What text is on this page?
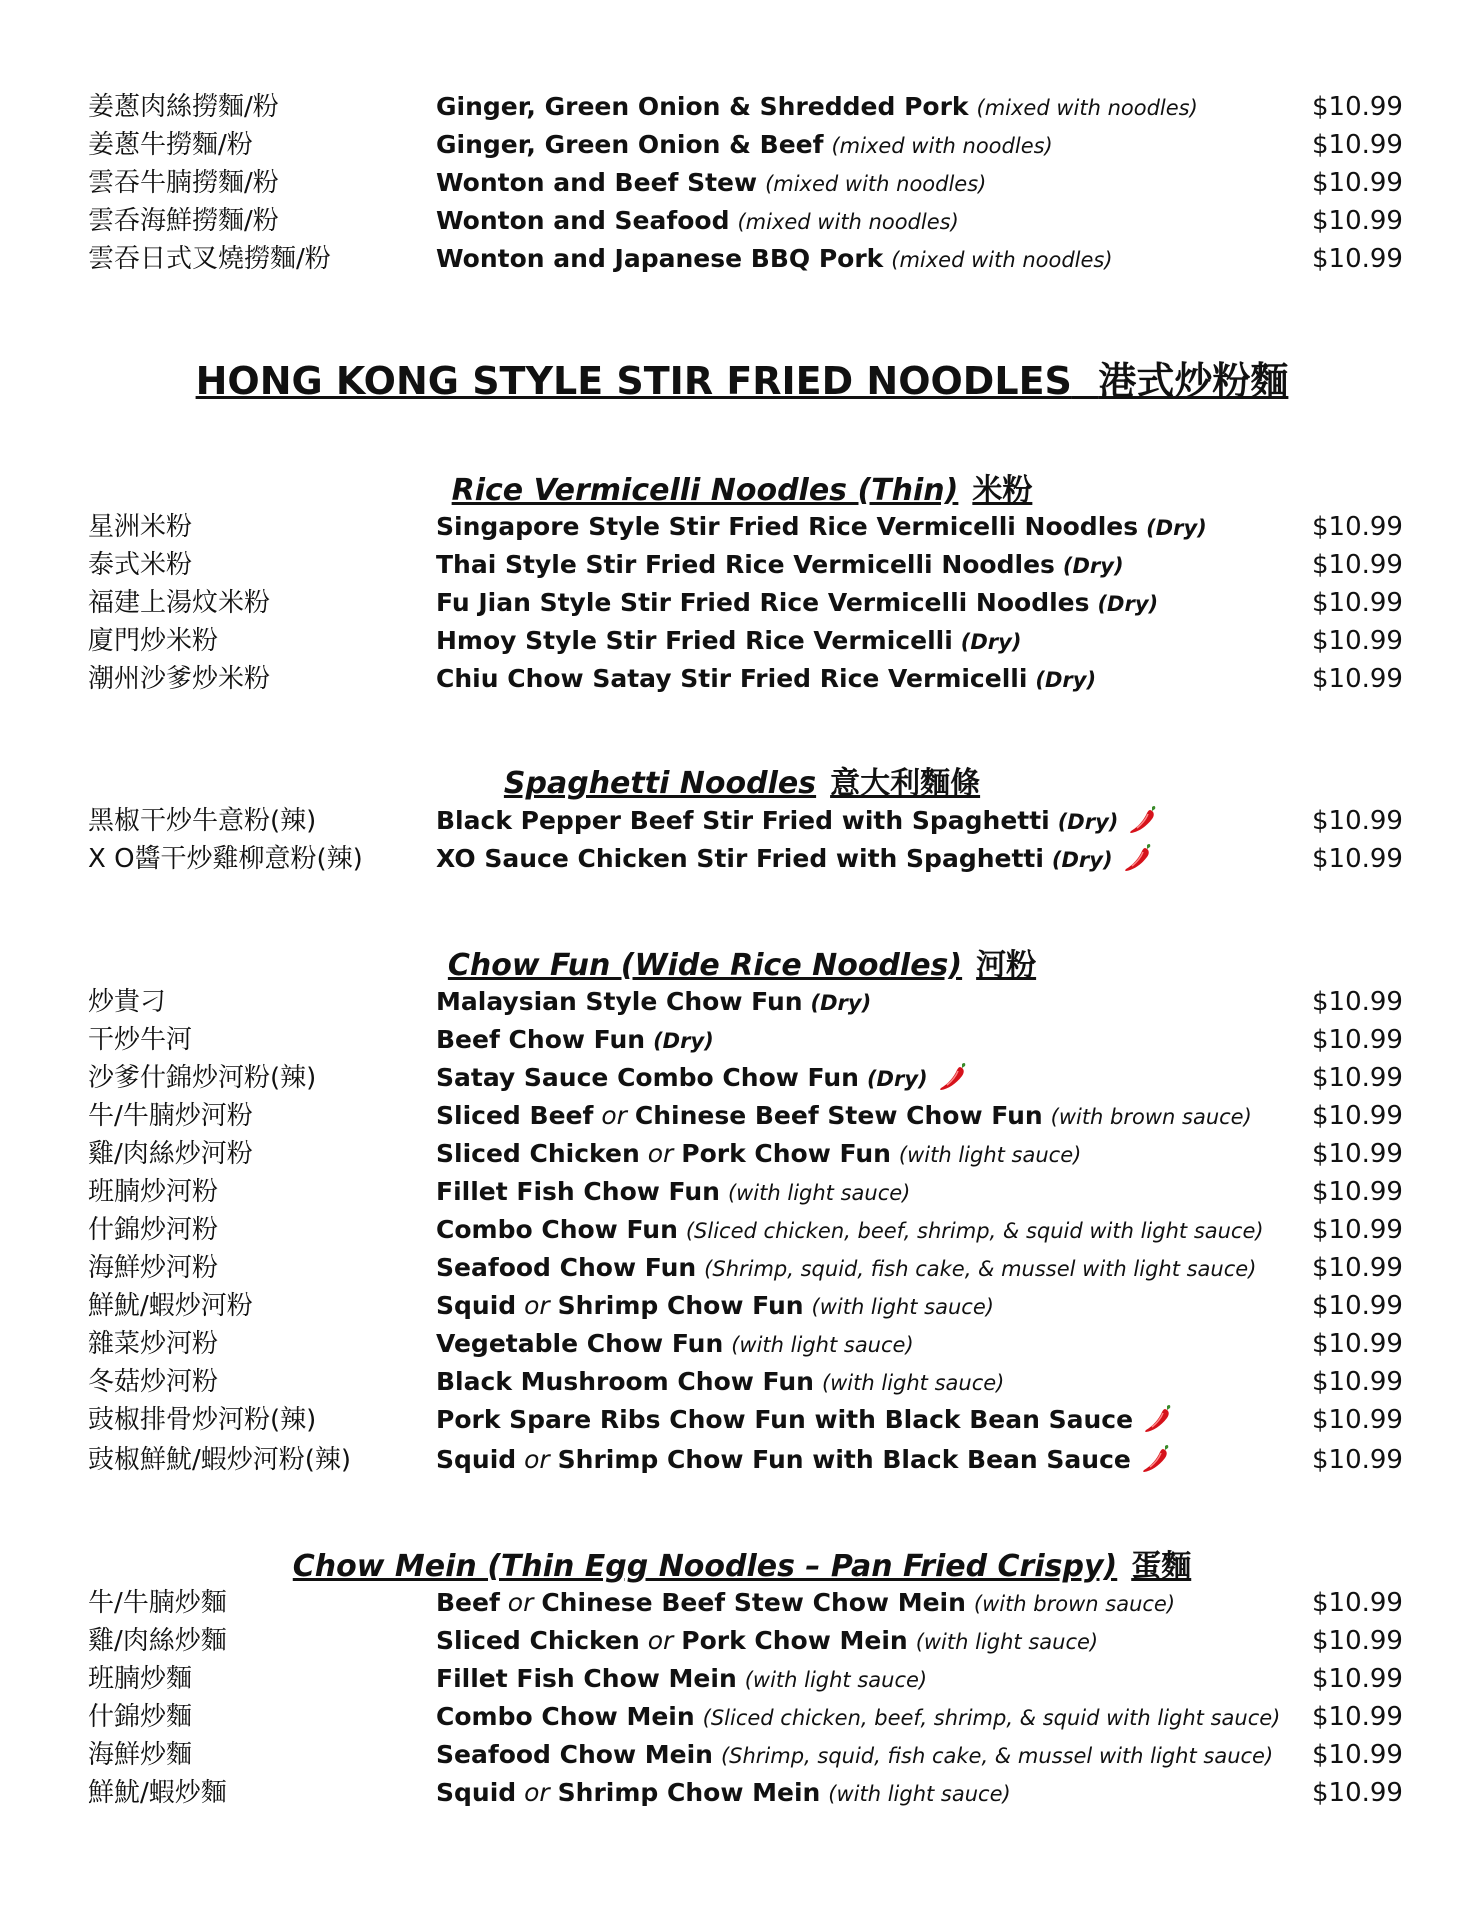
姜蔥肉絲撈麵/粉	Ginger, Green Onion & Shredded Pork (mixed with noodles)	$10.99
姜蔥牛撈麵/粉	Ginger, Green Onion & Beef (mixed with noodles)	$10.99
雲吞牛腩撈麵/粉	Wonton and Beef Stew (mixed with noodles)	$10.99
雲呑海鮮撈麵/粉	Wonton and Seafood (mixed with noodles)	$10.99
雲吞日式叉燒撈麵/粉	Wonton and Japanese BBQ Pork (mixed with noodles)	$10.99
HONG KONG STYLE STIR FRIED NOODLES 港式炒粉麵
Rice Vermicelli Noodles (Thin) 米粉
星洲米粉	Singapore Style Stir Fried Rice Vermicelli Noodles (Dry)	$10.99
泰式米粉	Thai Style Stir Fried Rice Vermicelli Noodles (Dry)	$10.99
福建上湯炆米粉	Fu Jian Style Stir Fried Rice Vermicelli Noodles (Dry)	$10.99
廈門炒米粉	Hmoy Style Stir Fried Rice Vermicelli (Dry)	$10.99
潮州沙爹炒米粉	Chiu Chow Satay Stir Fried Rice Vermicelli (Dry)	$10.99
Spaghetti Noodles 意大利麵條
黑椒干炒牛意粉(辣)	Black Pepper Beef Stir Fried with Spaghetti (Dry)	$10.99
X O醬干炒雞柳意粉(辣)	XO Sauce Chicken Stir Fried with Spaghetti (Dry)	$10.99
Chow Fun (Wide Rice Noodles) 河粉
炒貴刁	Malaysian Style Chow Fun (Dry)	$10.99
干炒牛河	Beef Chow Fun (Dry)	$10.99
沙爹什錦炒河粉(辣)	Satay Sauce Combo Chow Fun (Dry)	$10.99
牛/牛腩炒河粉	Sliced Beef or Chinese Beef Stew Chow Fun (with brown sauce) $10.99
雞/肉絲炒河粉	Sliced Chicken or Pork Chow Fun (with light sauce)	$10.99
班腩炒河粉	Fillet Fish Chow Fun (with light sauce)	$10.99
什錦炒河粉	Combo Chow Fun (Sliced chicken, beef, shrimp, & squid with light sauce) $10.99
海鮮炒河粉	Seafood Chow Fun (Shrimp, squid, fish cake, & mussel with light sauce) $10.99
鮮魷/蝦炒河粉	Squid or Shrimp Chow Fun (with light sauce)	$10.99
雜菜炒河粉	Vegetable Chow Fun (with light sauce)	$10.99
冬菇炒河粉	Black Mushroom Chow Fun (with light sauce)	$10.99
豉椒排骨炒河粉(辣)	Pork Spare Ribs Chow Fun with Black Bean Sauce	$10.99
豉椒鮮魷/蝦炒河粉(辣)	Squid or Shrimp Chow Fun with Black Bean Sauce	$10.99
Chow Mein (Thin Egg Noodles – Pan Fried Crispy) 蛋麵
牛/牛腩炒麵	Beef or Chinese Beef Stew Chow Mein (with brown sauce)	$10.99
雞/肉絲炒麵	Sliced Chicken or Pork Chow Mein (with light sauce)	$10.99
班腩炒麵	Fillet Fish Chow Mein (with light sauce)	$10.99
什錦炒麵	Combo Chow Mein (Sliced chicken, beef, shrimp, & squid with light sauce) $10.99
海鮮炒麵	Seafood Chow Mein (Shrimp, squid, fish cake, & mussel with light sauce) $10.99
鮮魷/蝦炒麵	Squid or Shrimp Chow Mein (with light sauce)	$10.99
